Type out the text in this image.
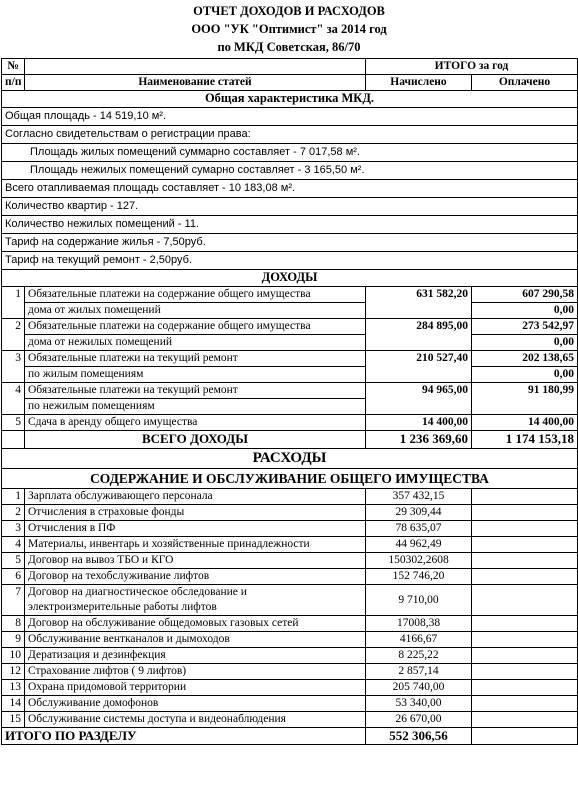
ОТЧЕТ ДОХОДОВ И РАСХОДОВ
ООО "УК "Оптимист" за 2014 год
по МКД Советская, 86/70
№		ИТОГО за год	
п/п	Наименование статей	Начислено	Оплачено
Общая характеристика МКД.			
Общая площадь - 14 519,10 м².			
Согласно свидетельствам о регистрации права:			
Площадь жилых помещений суммарно составляет - 7 017,58 м².			
Площадь нежилых помещений сумарно составляет - 3 165,50 м².			
Всего отапливаемая площадь составляет - 10 183,08 м².			
Количество квартир - 127.			
Количество нежилых помещений - 11.			
Тариф на содержание жилья - 7,50руб.			
Тариф на текущий ремонт - 2,50руб.			
ДОХОДЫ			
1	Обязательные платежи на содержание общего имущества	631 582,20	607 290,58
	дома от жилых помещений		0,00
2	Обязательные платежи на содержание общего имущества	284 895,00	273 542,97
	дома от нежилых помещений		0,00
3	Обязательные платежи на текущий ремонт	210 527,40	202 138,65
	по жилым помещениям		0,00
4	Обязательные платежи на текущий ремонт	94 965,00	91 180,99
	по нежилым помещениям		
5	Сдача в аренду общего имущества	14 400,00	14 400,00
	ВСЕГО ДОХОДЫ	1 236 369,60	1 174 153,18
РАСХОДЫ			
СОДЕРЖАНИЕ И ОБСЛУЖИВАНИЕ ОБЩЕГО ИМУЩЕСТВА			
1	Зарплата обслуживающего персонала	357 432,15	
2	Отчисления в страховые фонды	29 309,44	
3	Отчисления в ПФ	78 635,07	
4	Материалы, инвентарь и хозяйственные принадлежности	44 962,49	
5	Договор на вывоз ТБО и КГО	150302,2608	
6	Договор на техобслуживание лифтов	152 746,20	
7	Договор на диагностическое обследование и электроизмерительные работы лифтов	9 710,00	
8	Договор на обслуживание общедомовых газовых сетей	17008,38	
9	Обслуживание вентканалов и дымоходов	4166,67	
10	Дератизация и дезинфекция	8 225,22	
12	Страхование лифтов ( 9 лифтов)	2 857,14	
13	Охрана придомовой территории	205 740,00	
14	Обслуживание домофонов	53 340,00	
15	Обслуживание системы доступа и видеонаблюдения	26 670,00	
ИТОГО ПО РАЗДЕЛУ		552 306,56	
